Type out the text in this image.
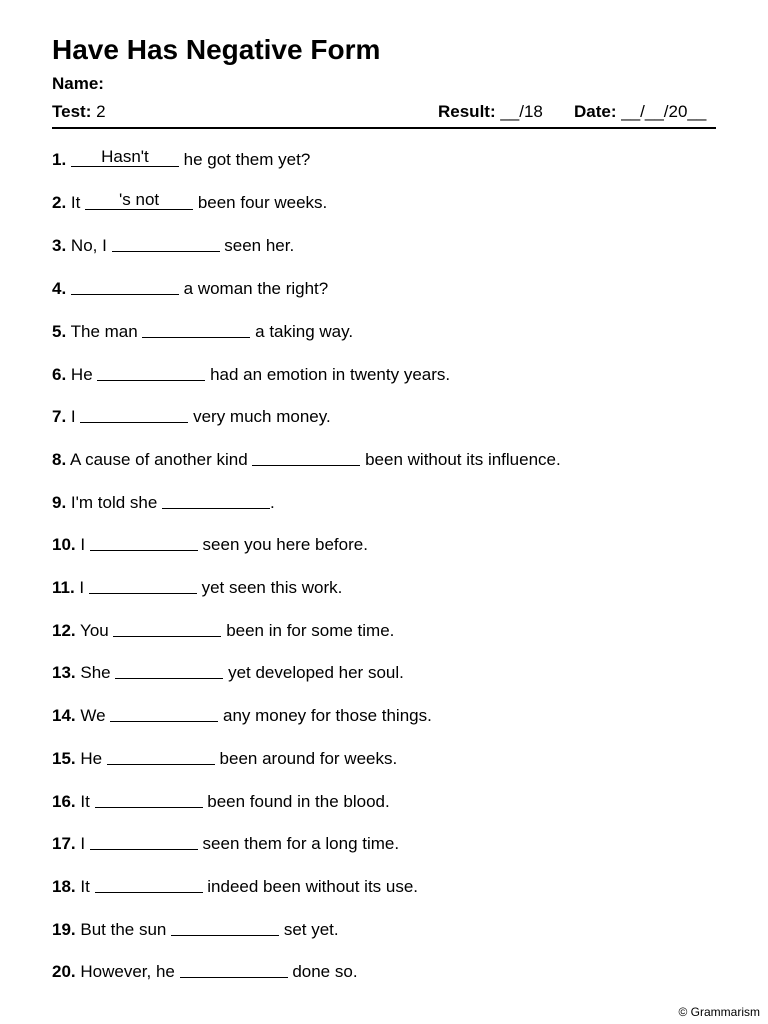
Have Has Negative Form
Name:
Test: 2	Result: __/18 Date: __/__/20__
1. Hasn't he got them yet?
2. It 's not been four weeks.
3. No, I	seen her.
4.	a woman the right?
5. The man	a taking way.
6. He	had an emotion in twenty years.
7. I	very much money.
8. A cause of another kind	been without its influence.
9. I'm told she	.
10. I	seen you here before.
11. I	yet seen this work.
12. You	been in for some time.
13. She	yet developed her soul.
14. We	any money for those things.
15. He	been around for weeks.
16. It	been found in the blood.
17. I	seen them for a long time.
18. It	indeed been without its use.
19. But the sun	set yet.
20. However, he	done so.
© Grammarism
